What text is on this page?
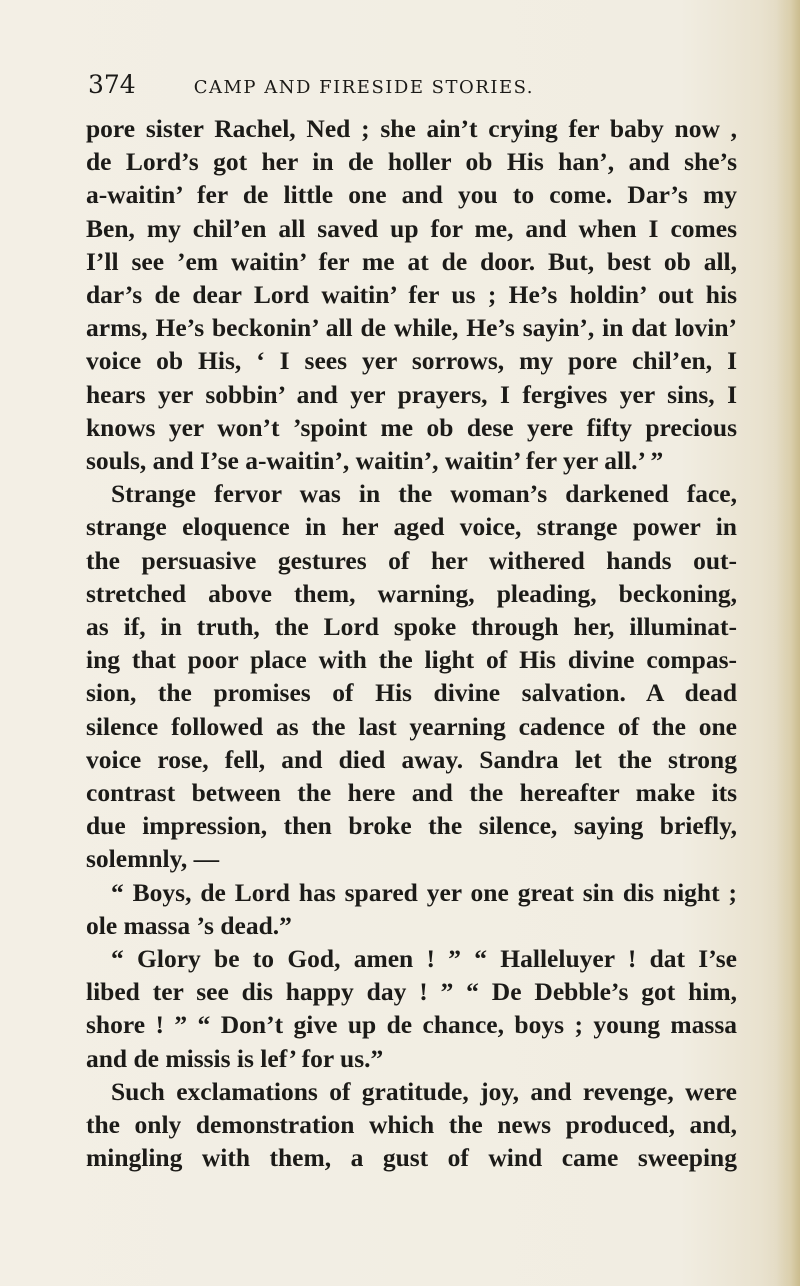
374	CAMP AND FIRESIDE STORIES.

pore sister Rachel, Ned ; she ain’t crying fer baby now ,
de Lord’s got her in de holler ob His han’, and she’s
a-waitin’ fer de little one and you to come. Dar’s my
Ben, my chil’en all saved up for me, and when I comes
I’ll see ’em waitin’ fer me at de door. But, best ob all,
dar’s de dear Lord waitin’ fer us ; He’s holdin’ out his
arms, He’s beckonin’ all de while, He’s sayin’, in dat lovin’
voice ob His, ‘ I sees yer sorrows, my pore chil’en, I
hears yer sobbin’ and yer prayers, I fergives yer sins, I
knows yer won’t ’spoint me ob dese yere fifty precious
souls, and I’se a-waitin’, waitin’, waitin’ fer yer all.’ ”

Strange fervor was in the woman’s darkened face,
strange eloquence in her aged voice, strange power in
the persuasive gestures of her withered hands out-
stretched above them, warning, pleading, beckoning,
as if, in truth, the Lord spoke through her, illuminat-
ing that poor place with the light of His divine compas-
sion, the promises of His divine salvation. A dead
silence followed as the last yearning cadence of the one
voice rose, fell, and died away. Sandra let the strong
contrast between the here and the hereafter make its
due impression, then broke the silence, saying briefly,
solemnly, —

“ Boys, de Lord has spared yer one great sin dis night ;
ole massa ’s dead.”

“ Glory be to God, amen ! ” “ Halleluyer ! dat I’se
libed ter see dis happy day ! ” “ De Debble’s got him,
shore ! ” “ Don’t give up de chance, boys ; young massa
and de missis is lef’ for us.”

Such exclamations of gratitude, joy, and revenge, were
the only demonstration which the news produced, and,
mingling with them, a gust of wind came sweeping
